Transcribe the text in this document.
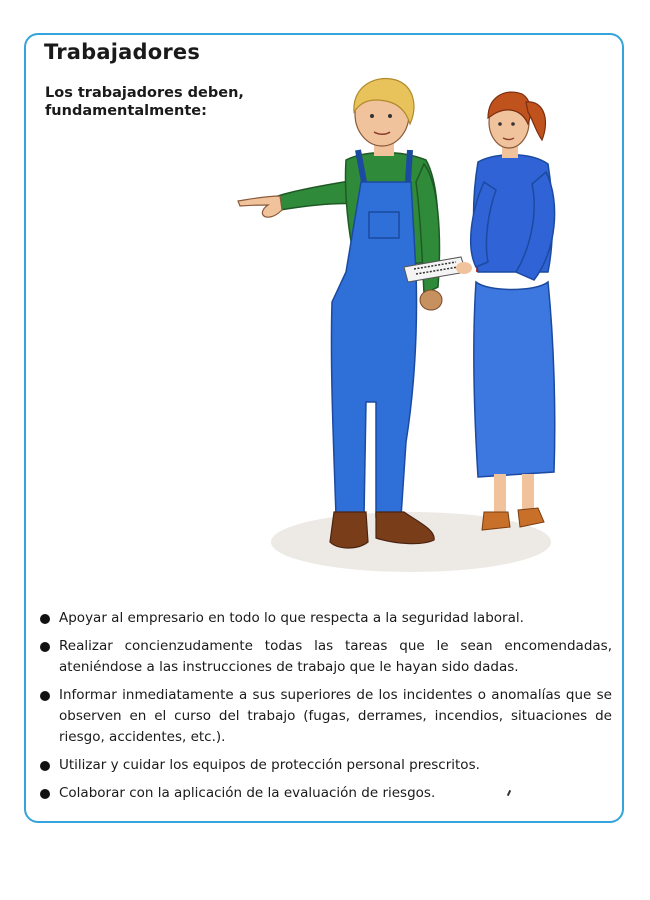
Trabajadores

Los trabajadores deben, fundamentalmente:

Apoyar al empresario en todo lo que respecta a la seguridad laboral.
Realizar concienzudamente todas las tareas que le sean encomendadas, ateniéndose a las instrucciones de trabajo que le hayan sido dadas.
Informar inmediatamente a sus superiores de los incidentes o anomalías que se observen en el curso del trabajo (fugas, derrames, incendios, situaciones de riesgo, accidentes, etc.).
Utilizar y cuidar los equipos de protección personal prescritos.
Colaborar con la aplicación de la evaluación de riesgos.
